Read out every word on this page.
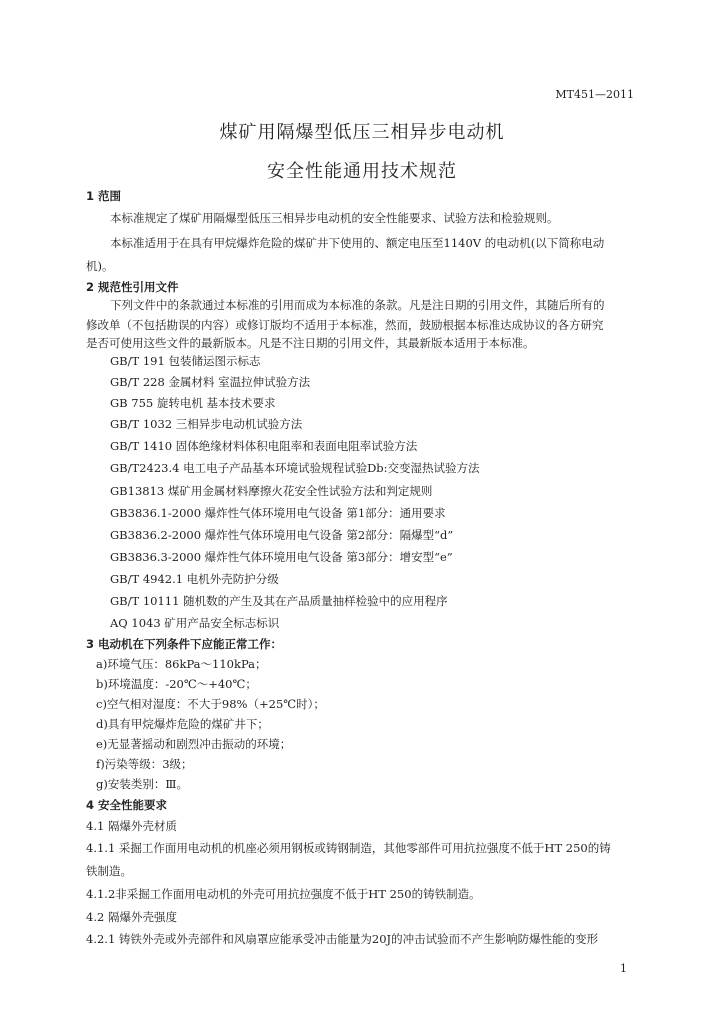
MT451—2011
煤矿用隔爆型低压三相异步电动机
安全性能通用技术规范
1 范围
本标准规定了煤矿用隔爆型低压三相异步电动机的安全性能要求、试验方法和检验规则。
本标准适用于在具有甲烷爆炸危险的煤矿井下使用的、额定电压至1140V 的电动机(以下简称电动
机)。
2 规范性引用文件
下列文件中的条款通过本标准的引用而成为本标准的条款。凡是注日期的引用文件，其随后所有的
修改单（不包括勘误的内容）或修订版均不适用于本标准，然而，鼓励根据本标准达成协议的各方研究
是否可使用这些文件的最新版本。凡是不注日期的引用文件，其最新版本适用于本标准。
GB/T 191 包装储运图示标志
GB/T 228 金属材料 室温拉伸试验方法
GB 755 旋转电机 基本技术要求
GB/T 1032 三相异步电动机试验方法
GB/T 1410 固体绝缘材料体积电阻率和表面电阻率试验方法
GB/T2423.4 电工电子产品基本环境试验规程试验Db:交变湿热试验方法
GB13813 煤矿用金属材料摩擦火花安全性试验方法和判定规则
GB3836.1-2000 爆炸性气体环境用电气设备 第1部分：通用要求
GB3836.2-2000 爆炸性气体环境用电气设备 第2部分：隔爆型“d”
GB3836.3-2000 爆炸性气体环境用电气设备 第3部分：增安型“e”
GB/T 4942.1 电机外壳防护分级
GB/T 10111 随机数的产生及其在产品质量抽样检验中的应用程序
AQ 1043 矿用产品安全标志标识
3 电动机在下列条件下应能正常工作：
a)环境气压：86kPa～110kPa；
b)环境温度：-20℃～+40℃；
c)空气相对湿度：不大于98%（+25℃时）；
d)具有甲烷爆炸危险的煤矿井下；
e)无显著摇动和剧烈冲击振动的环境；
f)污染等级：3级；
g)安装类别：Ⅲ。
4 安全性能要求
4.1 隔爆外壳材质
4.1.1 采掘工作面用电动机的机座必须用钢板或铸钢制造，其他零部件可用抗拉强度不低于HT 250的铸
铁制造。
4.1.2非采掘工作面用电动机的外壳可用抗拉强度不低于HT 250的铸铁制造。
4.2 隔爆外壳强度
4.2.1 铸铁外壳或外壳部件和风扇罩应能承受冲击能量为20J的冲击试验而不产生影响防爆性能的变形
1
